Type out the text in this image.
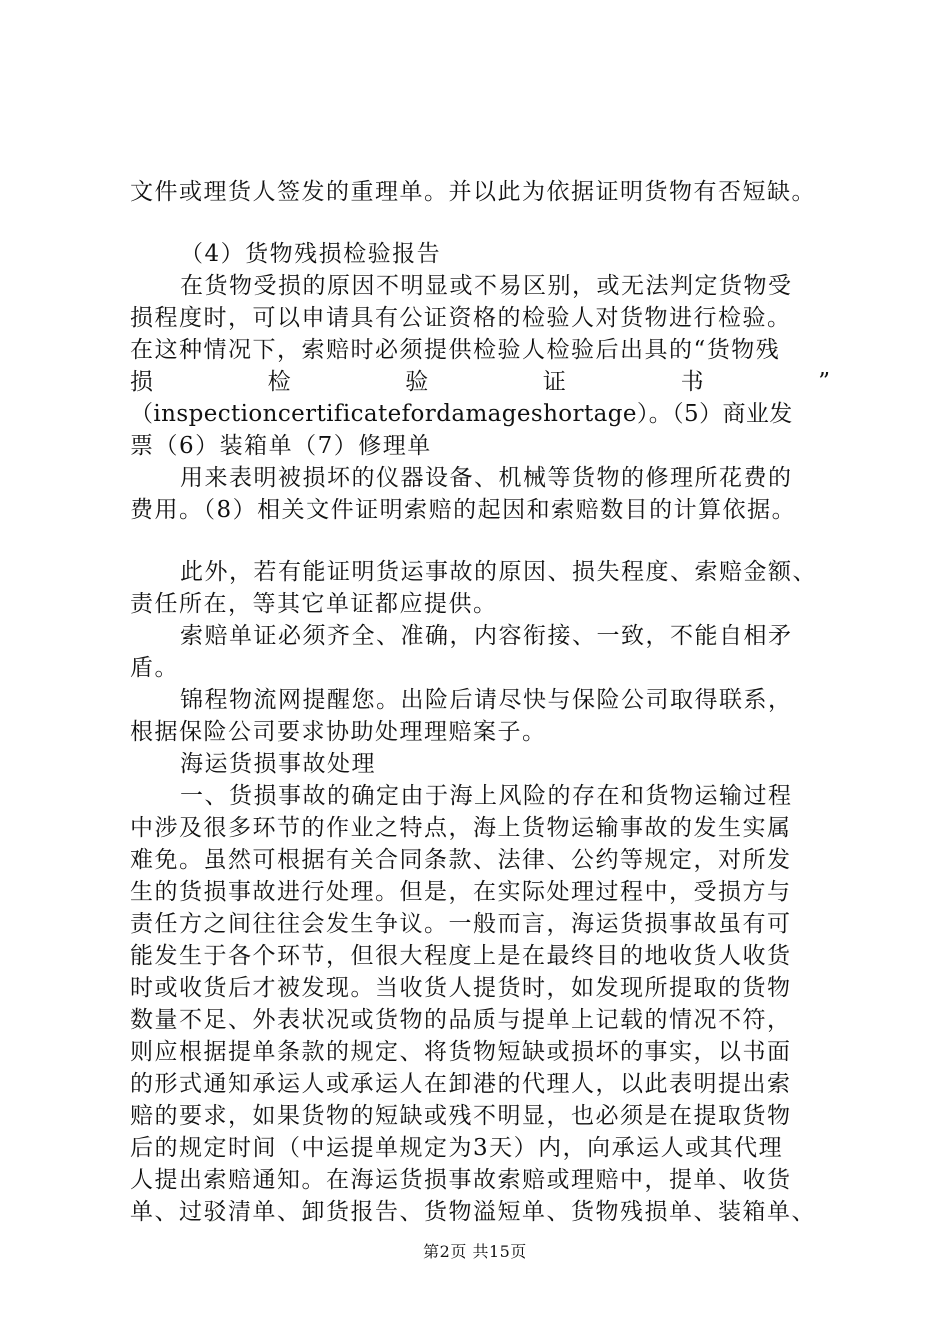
文件或理货人签发的重理单。并以此为依据证明货物有否短缺。
（4）货物残损检验报告
在货物受损的原因不明显或不易区别，或无法判定货物受
损程度时，可以申请具有公证资格的检验人对货物进行检验。
在这种情况下，索赔时必须提供检验人检验后出具的“货物残
损	检	验	证	书	”
（inspectioncertificatefordamageshortage）。（5）商业发
票（6）装箱单（7）修理单
用来表明被损坏的仪器设备、机械等货物的修理所花费的
费用。（8）相关文件证明索赔的起因和索赔数目的计算依据。
此外，若有能证明货运事故的原因、损失程度、索赔金额、
责任所在，等其它单证都应提供。
索赔单证必须齐全、准确，内容衔接、一致，不能自相矛
盾。
锦程物流网提醒您。出险后请尽快与保险公司取得联系，
根据保险公司要求协助处理理赔案子。
海运货损事故处理
一、货损事故的确定由于海上风险的存在和货物运输过程
中涉及很多环节的作业之特点，海上货物运输事故的发生实属
难免。虽然可根据有关合同条款、法律、公约等规定，对所发
生的货损事故进行处理。但是，在实际处理过程中，受损方与
责任方之间往往会发生争议。一般而言，海运货损事故虽有可
能发生于各个环节，但很大程度上是在最终目的地收货人收货
时或收货后才被发现。当收货人提货时，如发现所提取的货物
数量不足、外表状况或货物的品质与提单上记载的情况不符，
则应根据提单条款的规定、将货物短缺或损坏的事实，以书面
的形式通知承运人或承运人在卸港的代理人，以此表明提出索
赔的要求，如果货物的短缺或残不明显，也必须是在提取货物
后的规定时间（中运提单规定为3天）内，向承运人或其代理
人提出索赔通知。在海运货损事故索赔或理赔中，提单、收货
单、过驳清单、卸货报告、货物溢短单、货物残损单、装箱单、
第2页 共15页
